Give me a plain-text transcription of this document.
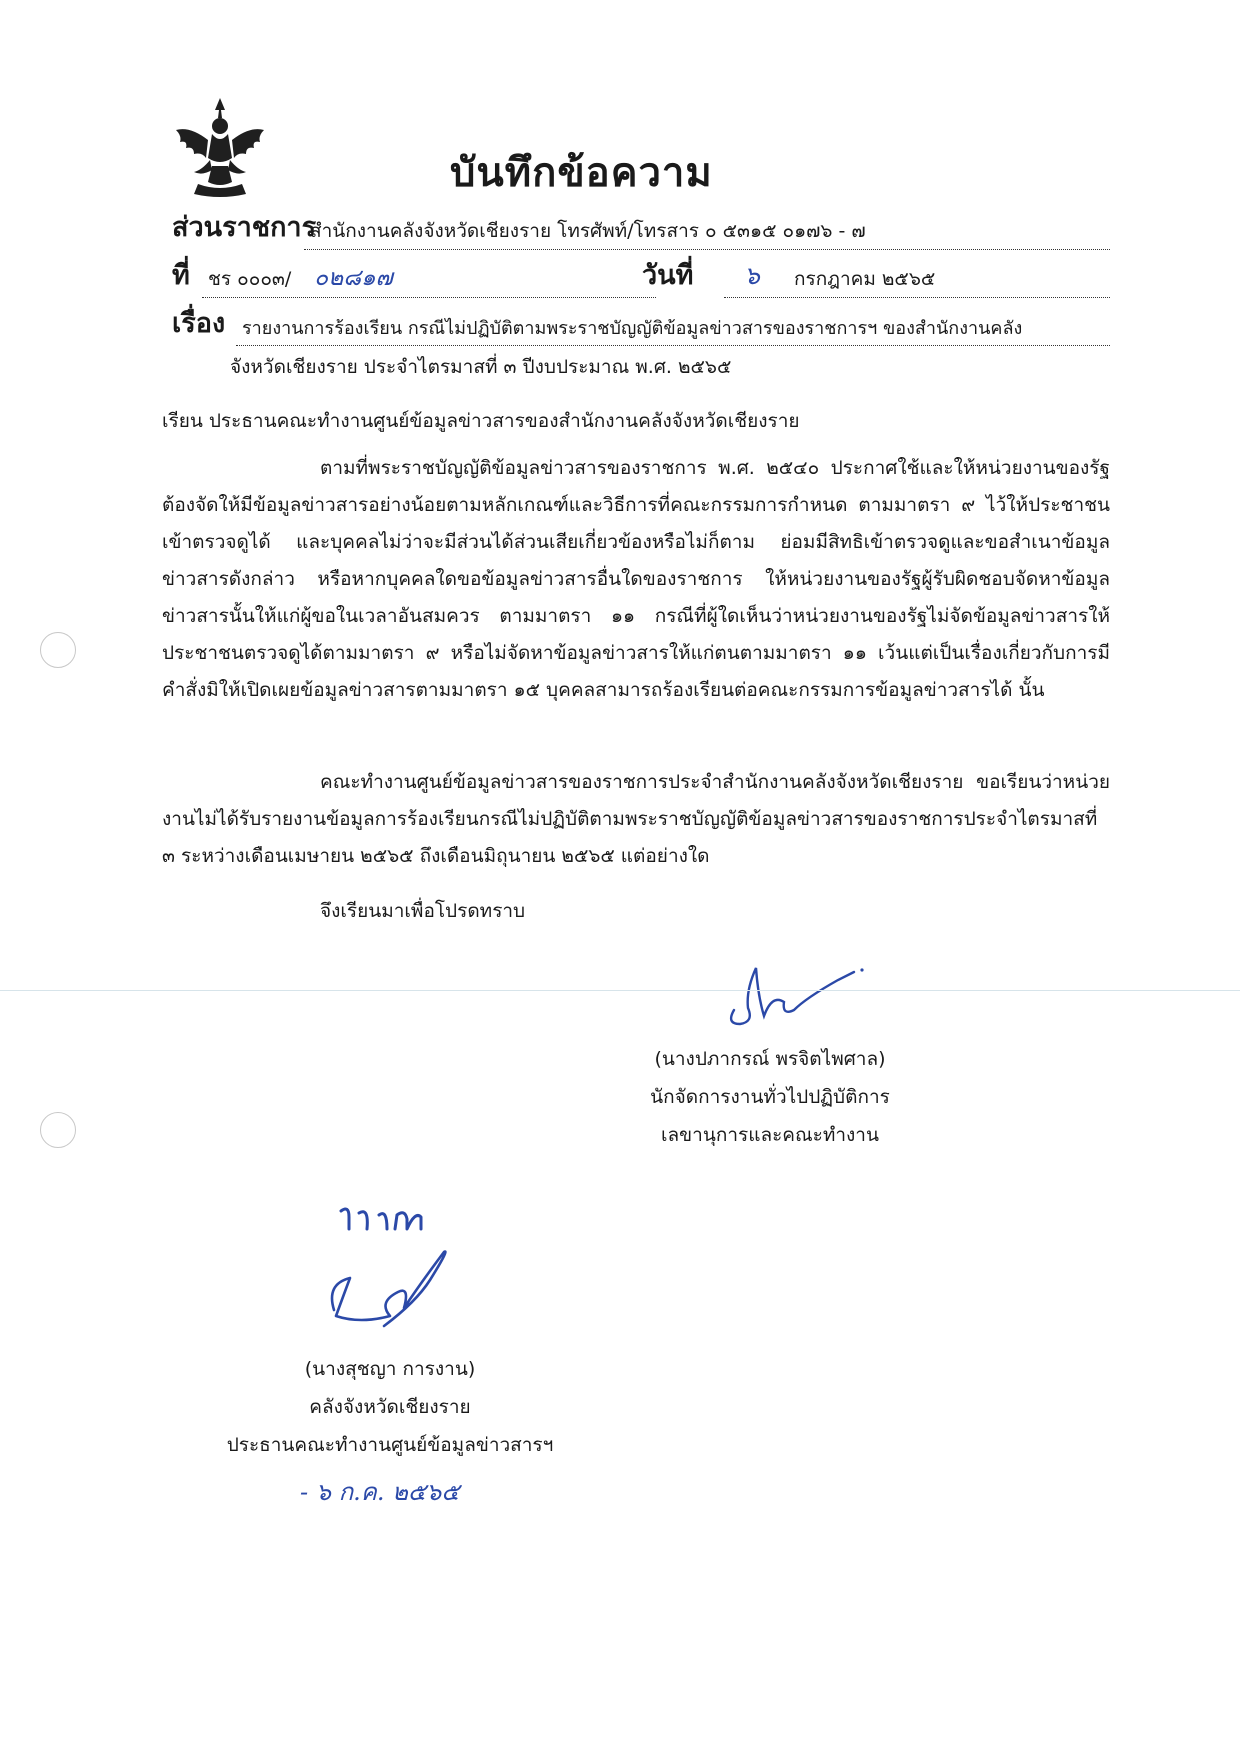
บันทึกข้อความ
ส่วนราชการ
สำนักงานคลังจังหวัดเชียงราย โทรศัพท์/โทรสาร ๐ ๕๓๑๕ ๐๑๗๖ - ๗
ที่ ชร ๐๐๐๓/ ๐๒๘๑๗	วันที่ ๖ กรกฎาคม ๒๕๖๕
เรื่อง รายงานการร้องเรียน กรณีไม่ปฏิบัติตามพระราชบัญญัติข้อมูลข่าวสารของราชการฯ ของสำนักงานคลัง
จังหวัดเชียงราย ประจำไตรมาสที่ ๓ ปีงบประมาณ พ.ศ. ๒๕๖๕
เรียน ประธานคณะทำงานศูนย์ข้อมูลข่าวสารของสำนักงานคลังจังหวัดเชียงราย
ตามที่พระราชบัญญัติข้อมูลข่าวสารของราชการ พ.ศ. ๒๕๔๐ ประกาศใช้และให้หน่วยงานของรัฐต้องจัดให้มีข้อมูลข่าวสารอย่างน้อยตามหลักเกณฑ์และวิธีการที่คณะกรรมการกำหนด ตามมาตรา ๙ ไว้ให้ประชาชนเข้าตรวจดูได้ และบุคคลไม่ว่าจะมีส่วนได้ส่วนเสียเกี่ยวข้องหรือไม่ก็ตาม ย่อมมีสิทธิเข้าตรวจดูและขอสำเนาข้อมูลข่าวสารดังกล่าว หรือหากบุคคลใดขอข้อมูลข่าวสารอื่นใดของราชการ ให้หน่วยงานของรัฐผู้รับผิดชอบจัดหาข้อมูลข่าวสารนั้นให้แก่ผู้ขอในเวลาอันสมควร ตามมาตรา ๑๑ กรณีที่ผู้ใดเห็นว่าหน่วยงานของรัฐไม่จัดข้อมูลข่าวสารให้ประชาชนตรวจดูได้ตามมาตรา ๙ หรือไม่จัดหาข้อมูลข่าวสารให้แก่ตนตามมาตรา ๑๑ เว้นแต่เป็นเรื่องเกี่ยวกับการมีคำสั่งมิให้เปิดเผยข้อมูลข่าวสารตามมาตรา ๑๕ บุคคลสามารถร้องเรียนต่อคณะกรรมการข้อมูลข่าวสารได้ นั้น
คณะทำงานศูนย์ข้อมูลข่าวสารของราชการประจำสำนักงานคลังจังหวัดเชียงราย ขอเรียนว่าหน่วยงานไม่ได้รับรายงานข้อมูลการร้องเรียนกรณีไม่ปฏิบัติตามพระราชบัญญัติข้อมูลข่าวสารของราชการประจำไตรมาสที่ ๓ ระหว่างเดือนเมษายน ๒๕๖๕ ถึงเดือนมิถุนายน ๒๕๖๕ แต่อย่างใด
จึงเรียนมาเพื่อโปรดทราบ
(นางปภากรณ์ พรจิตไพศาล)
นักจัดการงานทั่วไปปฏิบัติการ
เลขานุการและคณะทำงาน
(นางสุชญา การงาน)
คลังจังหวัดเชียงราย
ประธานคณะทำงานศูนย์ข้อมูลข่าวสารฯ
- ๖ ก.ค. ๒๕๖๕
